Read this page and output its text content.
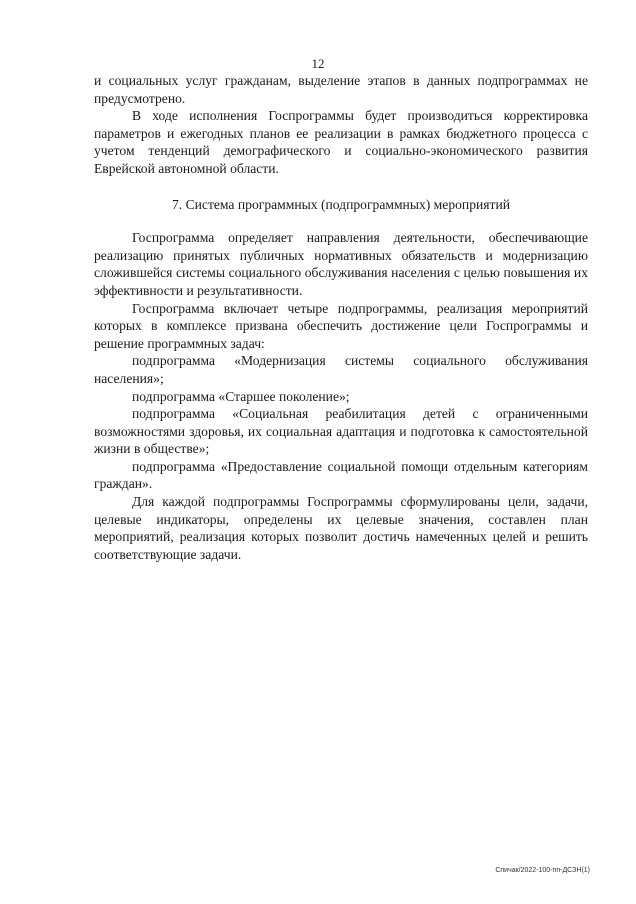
12

и социальных услуг гражданам, выделение этапов в данных подпрограммах не предусмотрено.

В ходе исполнения Госпрограммы будет производиться корректировка параметров и ежегодных планов ее реализации в рамках бюджетного процесса с учетом тенденций демографического и социально-экономического развития Еврейской автономной области.

7. Система программных (подпрограммных) мероприятий

Госпрограмма определяет направления деятельности, обеспечивающие реализацию принятых публичных нормативных обязательств и модернизацию сложившейся системы социального обслуживания населения с целью повышения их эффективности и результативности.

Госпрограмма включает четыре подпрограммы, реализация мероприятий которых в комплексе призвана обеспечить достижение цели Госпрограммы и решение программных задач:

подпрограмма «Модернизация системы социального обслуживания населения»;

подпрограмма «Старшее поколение»;

подпрограмма «Социальная реабилитация детей с ограниченными возможностями здоровья, их социальная адаптация и подготовка к самостоятельной жизни в обществе»;

подпрограмма «Предоставление социальной помощи отдельным категориям граждан».

Для каждой подпрограммы Госпрограммы сформулированы цели, задачи, целевые индикаторы, определены их целевые значения, составлен план мероприятий, реализация которых позволит достичь намеченных целей и решить соответствующие задачи.

Спичак/2022-100-пп-ДСЗН(1)
